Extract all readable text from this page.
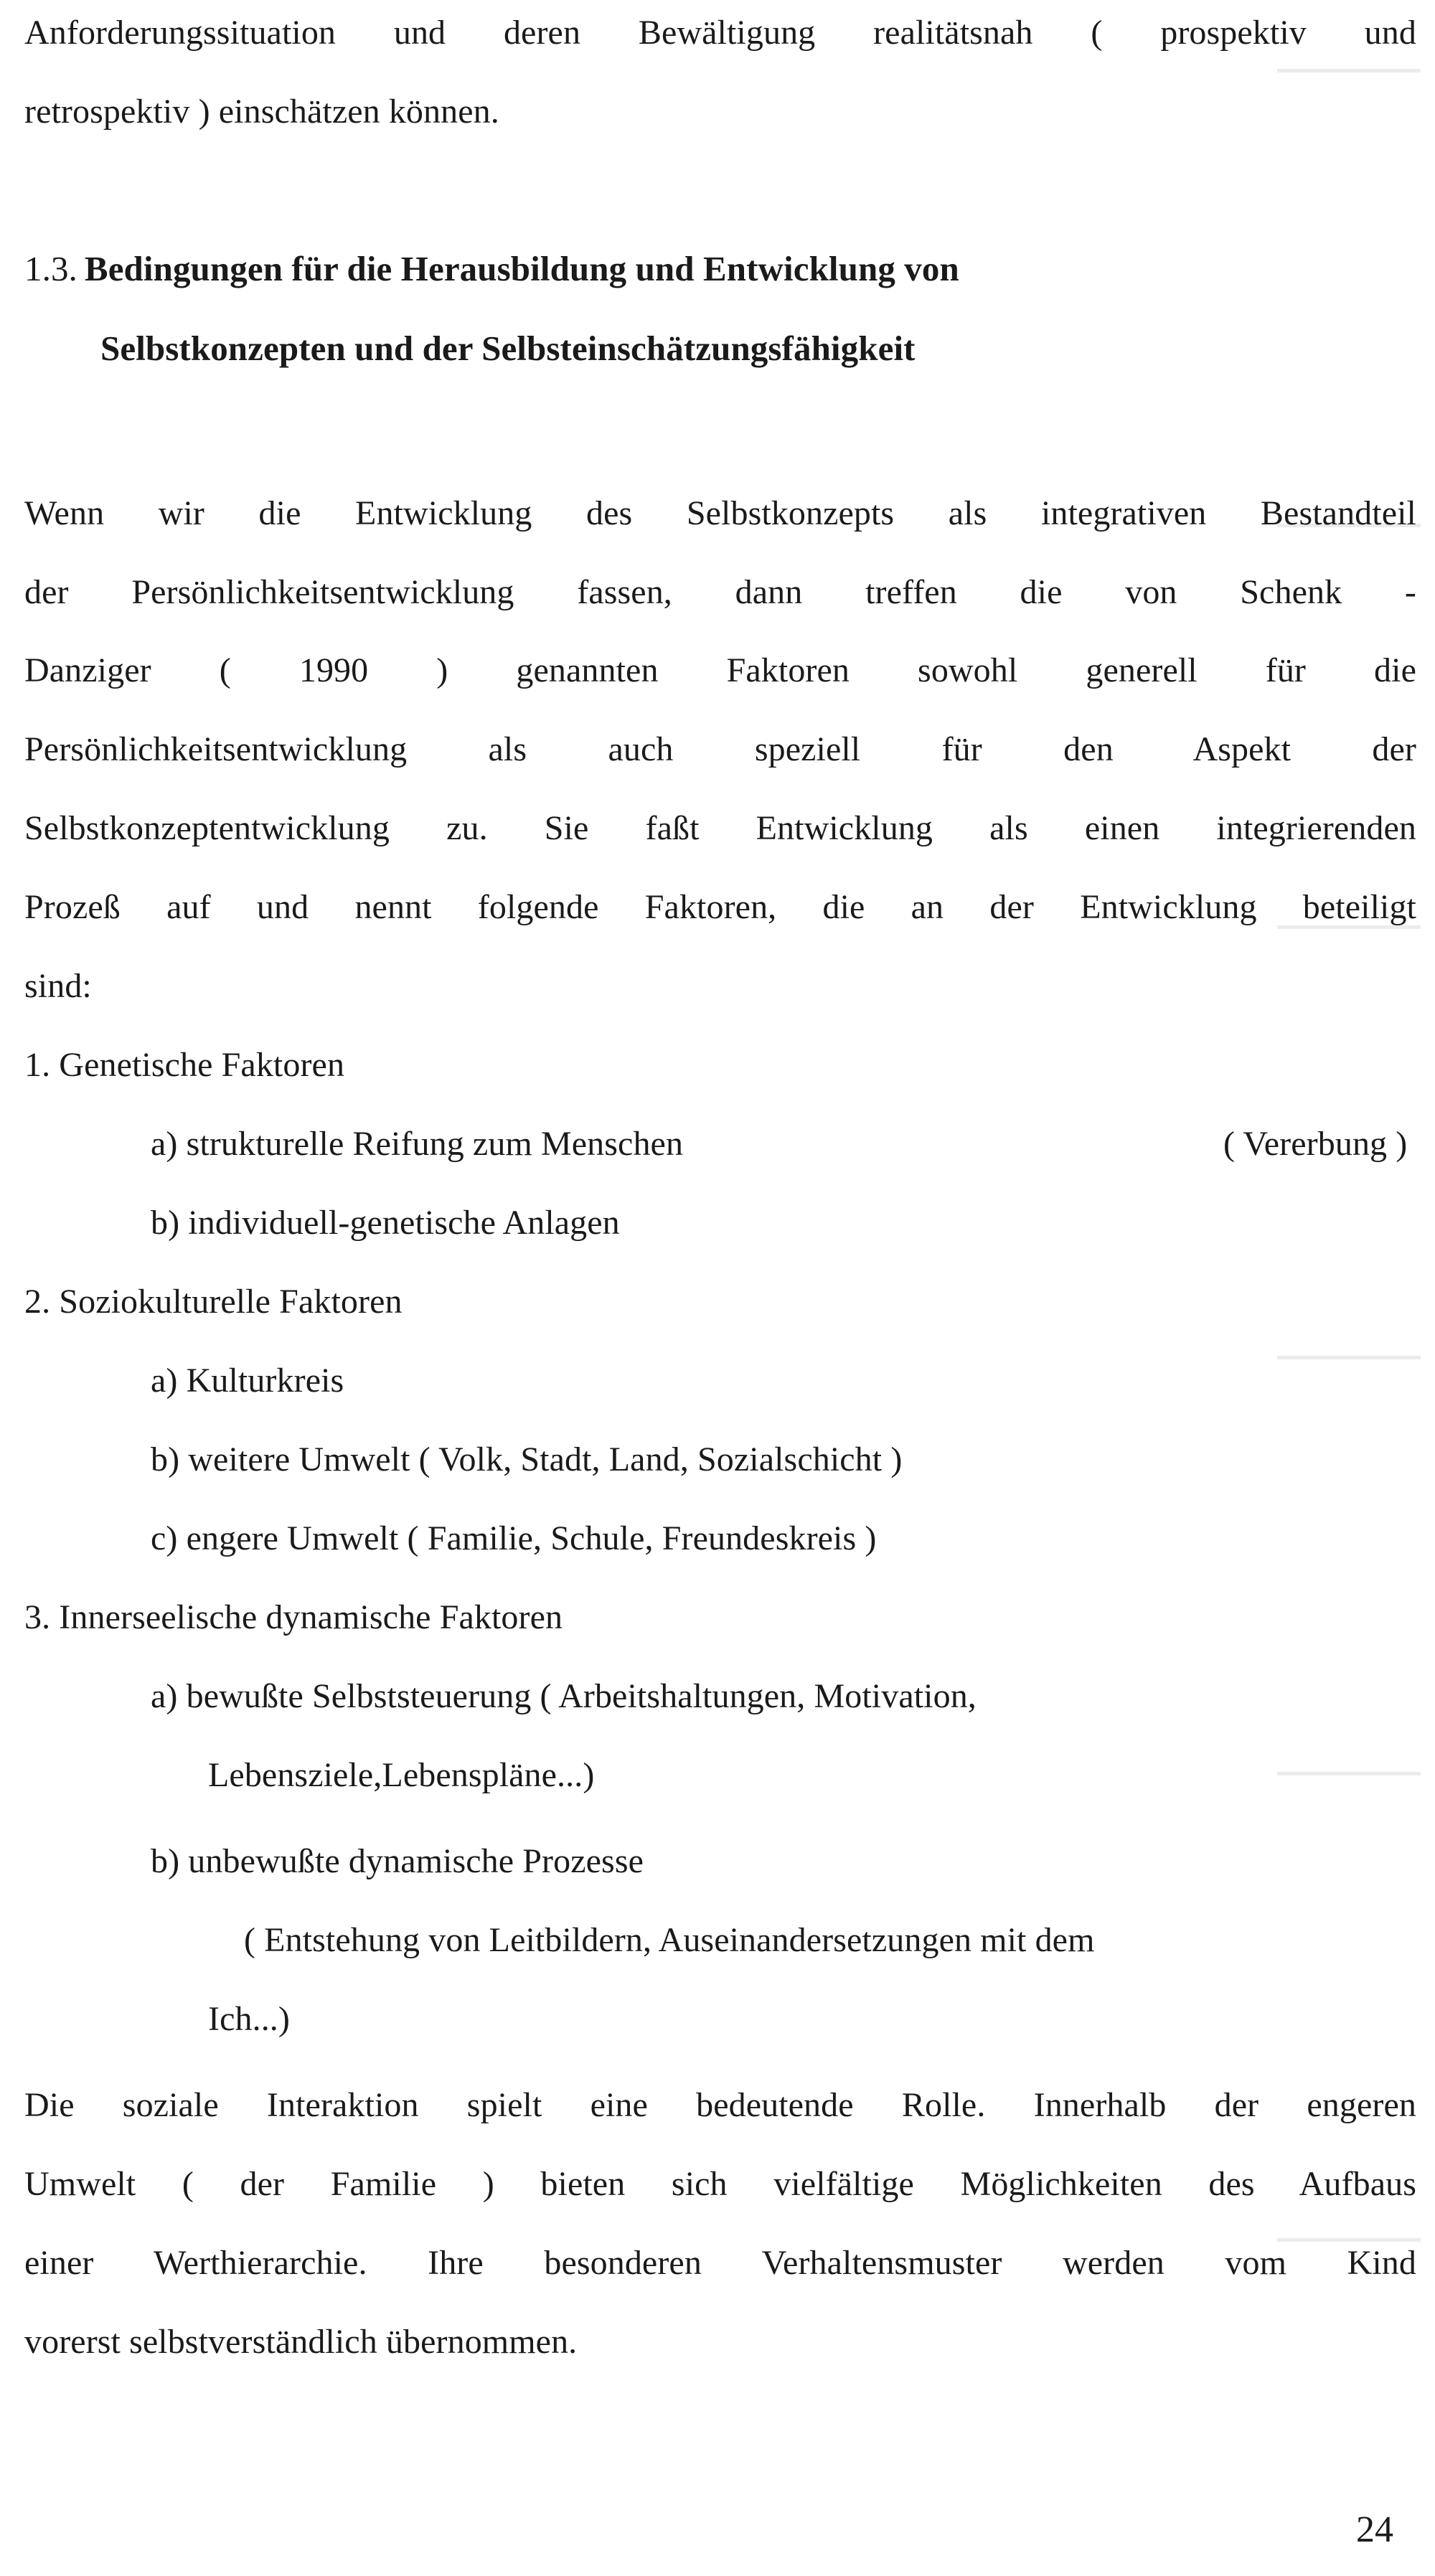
Anforderungssituation und deren Bewältigung realitätsnah ( prospektiv und
retrospektiv ) einschätzen können.
1.3. Bedingungen für die Herausbildung und Entwicklung von
Selbstkonzepten und der Selbsteinschätzungsfähigkeit
Wenn wir die Entwicklung des Selbstkonzepts als integrativen Bestandteil
der Persönlichkeitsentwicklung fassen, dann treffen die von Schenk -
Danziger ( 1990 ) genannten Faktoren sowohl generell für die
Persönlichkeitsentwicklung als auch speziell für den Aspekt der
Selbstkonzeptentwicklung zu. Sie faßt Entwicklung als einen integrierenden
Prozeß auf und nennt folgende Faktoren, die an der Entwicklung beteiligt
sind:
1. Genetische Faktoren
a) strukturelle Reifung zum Menschen	( Vererbung )
b) individuell-genetische Anlagen
2. Soziokulturelle Faktoren
a) Kulturkreis
b) weitere Umwelt ( Volk, Stadt, Land, Sozialschicht )
c) engere Umwelt ( Familie, Schule, Freundeskreis )
3. Innerseelische dynamische Faktoren
a) bewußte Selbststeuerung ( Arbeitshaltungen, Motivation,
Lebensziele,Lebenspläne...)
b) unbewußte dynamische Prozesse
( Entstehung von Leitbildern, Auseinandersetzungen mit dem
Ich...)
Die soziale Interaktion spielt eine bedeutende Rolle. Innerhalb der engeren
Umwelt ( der Familie ) bieten sich vielfältige Möglichkeiten des Aufbaus
einer Werthierarchie. Ihre besonderen Verhaltensmuster werden vom Kind
vorerst selbstverständlich übernommen.
24
